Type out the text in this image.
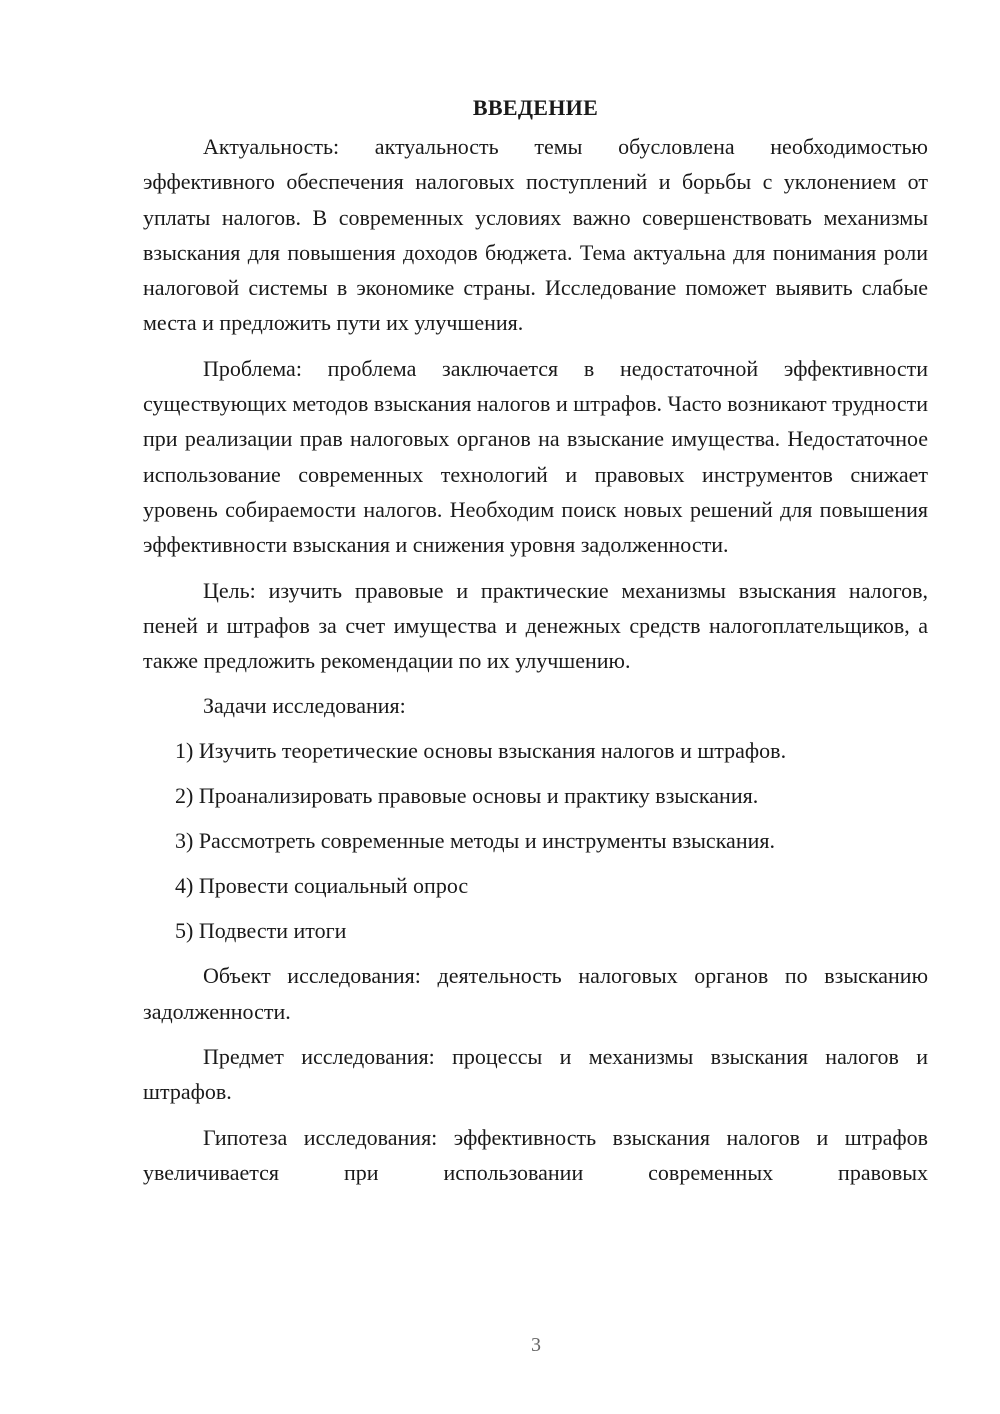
ВВЕДЕНИЕ

Актуальность: актуальность темы обусловлена необходимостью эффективного обеспечения налоговых поступлений и борьбы с уклонением от уплаты налогов. В современных условиях важно совершенствовать механизмы взыскания для повышения доходов бюджета. Тема актуальна для понимания роли налоговой системы в экономике страны. Исследование поможет выявить слабые места и предложить пути их улучшения.

Проблема: проблема заключается в недостаточной эффективности существующих методов взыскания налогов и штрафов. Часто возникают трудности при реализации прав налоговых органов на взыскание имущества. Недостаточное использование современных технологий и правовых инструментов снижает уровень собираемости налогов. Необходим поиск новых решений для повышения эффективности взыскания и снижения уровня задолженности.

Цель: изучить правовые и практические механизмы взыскания налогов, пеней и штрафов за счет имущества и денежных средств налогоплательщиков, а также предложить рекомендации по их улучшению.

Задачи исследования:

1) Изучить теоретические основы взыскания налогов и штрафов.

2) Проанализировать правовые основы и практику взыскания.

3) Рассмотреть современные методы и инструменты взыскания.

4) Провести социальный опрос

5) Подвести итоги

Объект исследования: деятельность налоговых органов по взысканию задолженности.

Предмет исследования: процессы и механизмы взыскания налогов и штрафов.

Гипотеза исследования: эффективность взыскания налогов и штрафов увеличивается при использовании современных правовых

3
